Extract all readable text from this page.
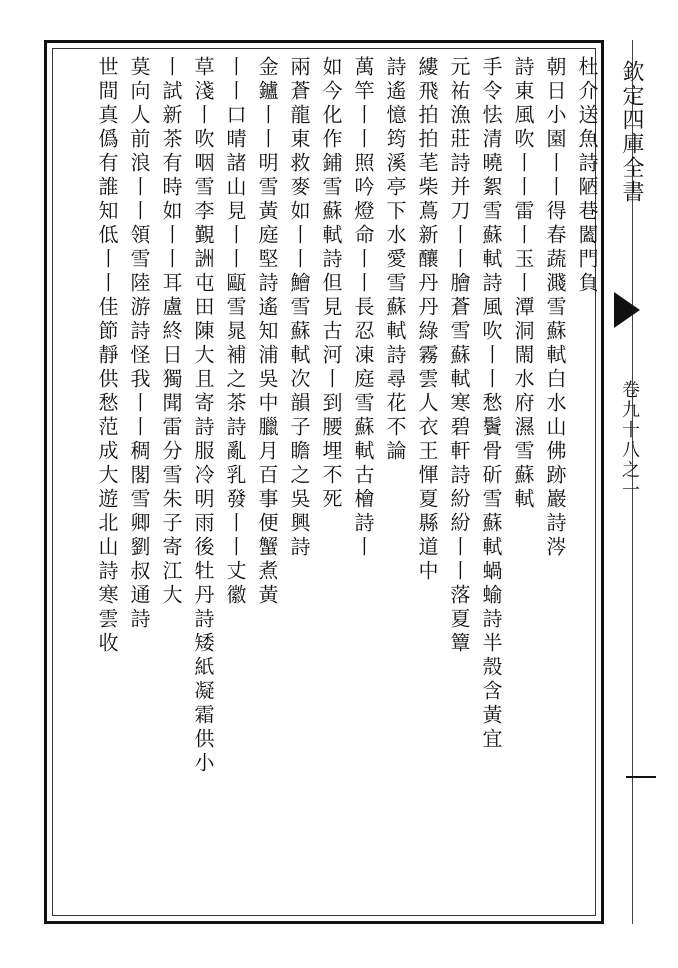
杜介送魚詩陋巷闔門負
朝日小園丨丨得春蔬濺雪蘇軾白水山佛跡巖詩涔
詩東風吹丨丨雷丨玉丨潭洞閙水府濕雪蘇軾
手令怯清曉絮雪蘇軾詩風吹丨丨愁鬢骨斫雪蘇軾蝸蝓詩半殼含黃宜
元祐漁莊詩并刀丨丨膾蒼雪蘇軾寒碧軒詩紛紛丨丨落夏簟
縷飛拍拍芼柴蔦新釀丹丹綠霧雲人衣王惲夏縣道中
詩遙憶筠溪亭下水愛雪蘇軾詩尋花不論
萬竿丨丨照吟燈命丨丨長忍凍庭雪蘇軾古檜詩丨
如今化作鋪雪蘇軾詩但見古河丨到腰埋不死
兩蒼龍東救麥如丨丨鱠雪蘇軾次韻子瞻之吳興詩
金鑪丨丨明雪黃庭堅詩遙知浦吳中臘月百事便蟹煮黃
丨丨口晴諸山見丨丨甌雪晁補之茶詩亂乳發丨丨丈徽
草淺丨吹咽雪李覲詶屯田陳大且寄詩服冷明雨後牡丹詩矮紙凝霜供小
丨試新茶有時如丨丨耳盧終日獨聞雷分雪朱子寄江大
莫向人前浪丨丨領雪陸游詩怪我丨丨稠閣雪卿劉叔通詩
世間真僞有誰知低丨丨佳節靜供愁范成大遊北山詩寒雲收	欽定四庫全書
卷九十八之一
